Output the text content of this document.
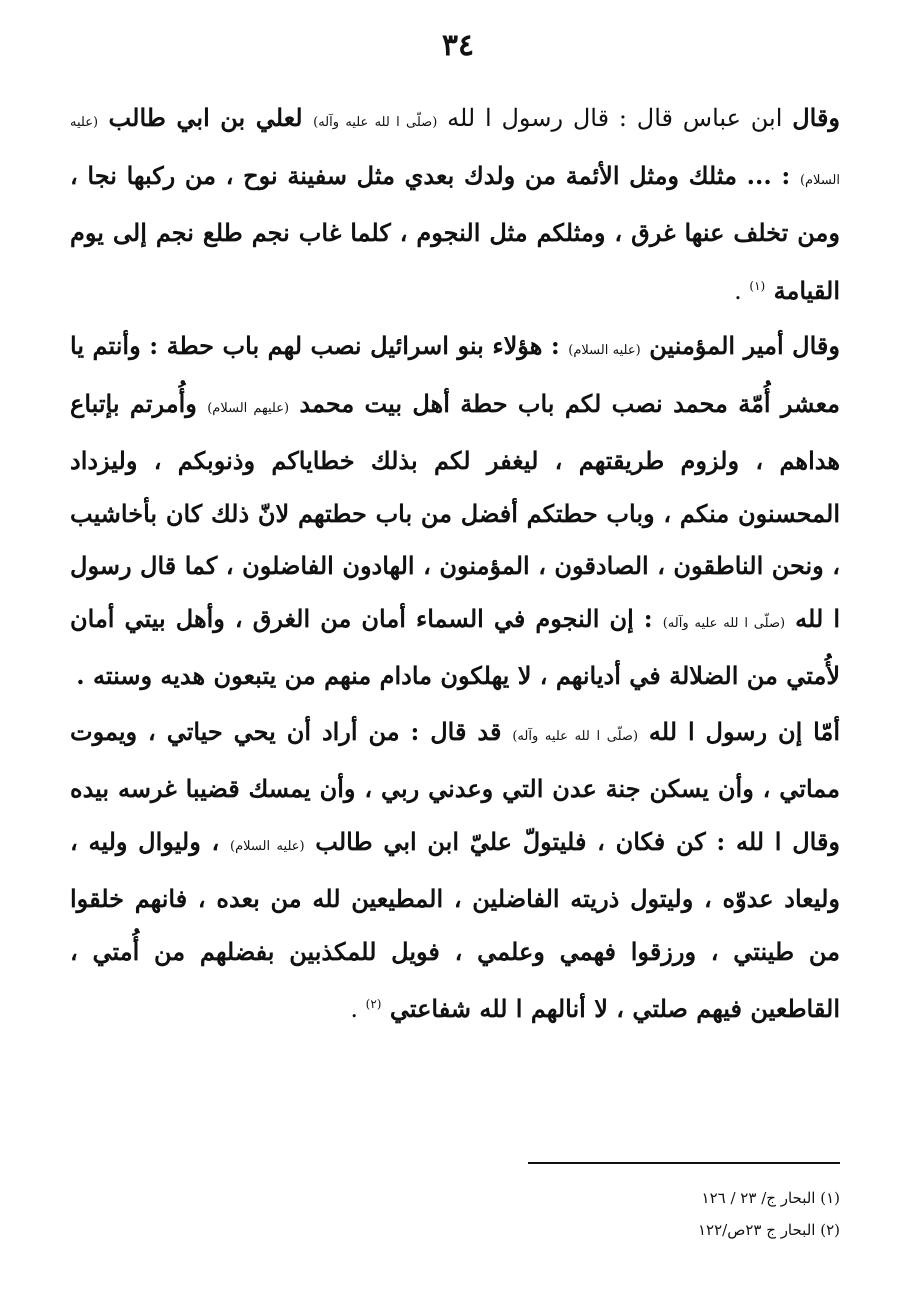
٣٤

وقال ابن عباس قال : قال رسول ا لله (صلّى ا لله عليه وآله) لعلي بن ابي طالب (عليه السلام) : ... مثلك ومثل الأئمة من ولدك بعدي مثل سفينة نوح ، من ركبها نجا ، ومن تخلف عنها غرق ، ومثلكم مثل النجوم ، كلما غاب نجم طلع نجم إلى يوم القيامة $^{(١)}$ .

وقال أمير المؤمنين (عليه السلام) : هؤلاء بنو اسرائيل نصب لهم باب حطة : وأنتم يا معشر أُمّة محمد نصب لكم باب حطة أهل بيت محمد (عليهم السلام) وأُمرتم بإتباع هداهم ، ولزوم طريقتهم ، ليغفر لكم بذلك خطاياكم وذنوبكم ، وليزداد المحسنون منكم ، وباب حطتكم أفضل من باب حطتهم لانّ ذلك كان بأخاشيب ، ونحن الناطقون ، الصادقون ، المؤمنون ، الهادون الفاضلون ، كما قال رسول ا لله (صلّى ا لله عليه وآله) : إن النجوم في السماء أمان من الغرق ، وأهل بيتي أمان لأُمتي من الضلالة في أديانهم ، لا يهلكون مادام منهم من يتبعون هديه وسنته .

أمّا إن رسول ا لله (صلّى ا لله عليه وآله) قد قال : من أراد أن يحي حياتي ، ويموت مماتي ، وأن يسكن جنة عدن التي وعدني ربي ، وأن يمسك قضيبا غرسه بيده وقال ا لله : كن فكان ، فليتولّ عليّ ابن ابي طالب (عليه السلام) ، وليوال وليه ، وليعاد عدوّه ، وليتول ذريته الفاضلين ، المطيعين لله من بعده ، فانهم خلقوا من طينتي ، ورزقوا فهمي وعلمي ، فويل للمكذبين بفضلهم من أُمتي ، القاطعين فيهم صلتي ، لا أنالهم ا لله شفاعتي $^{(٢)}$ .

(١) البحار ج/ ٢٣ / ١٢٦
(٢) البحار ج ٢٣ص/١٢٢
